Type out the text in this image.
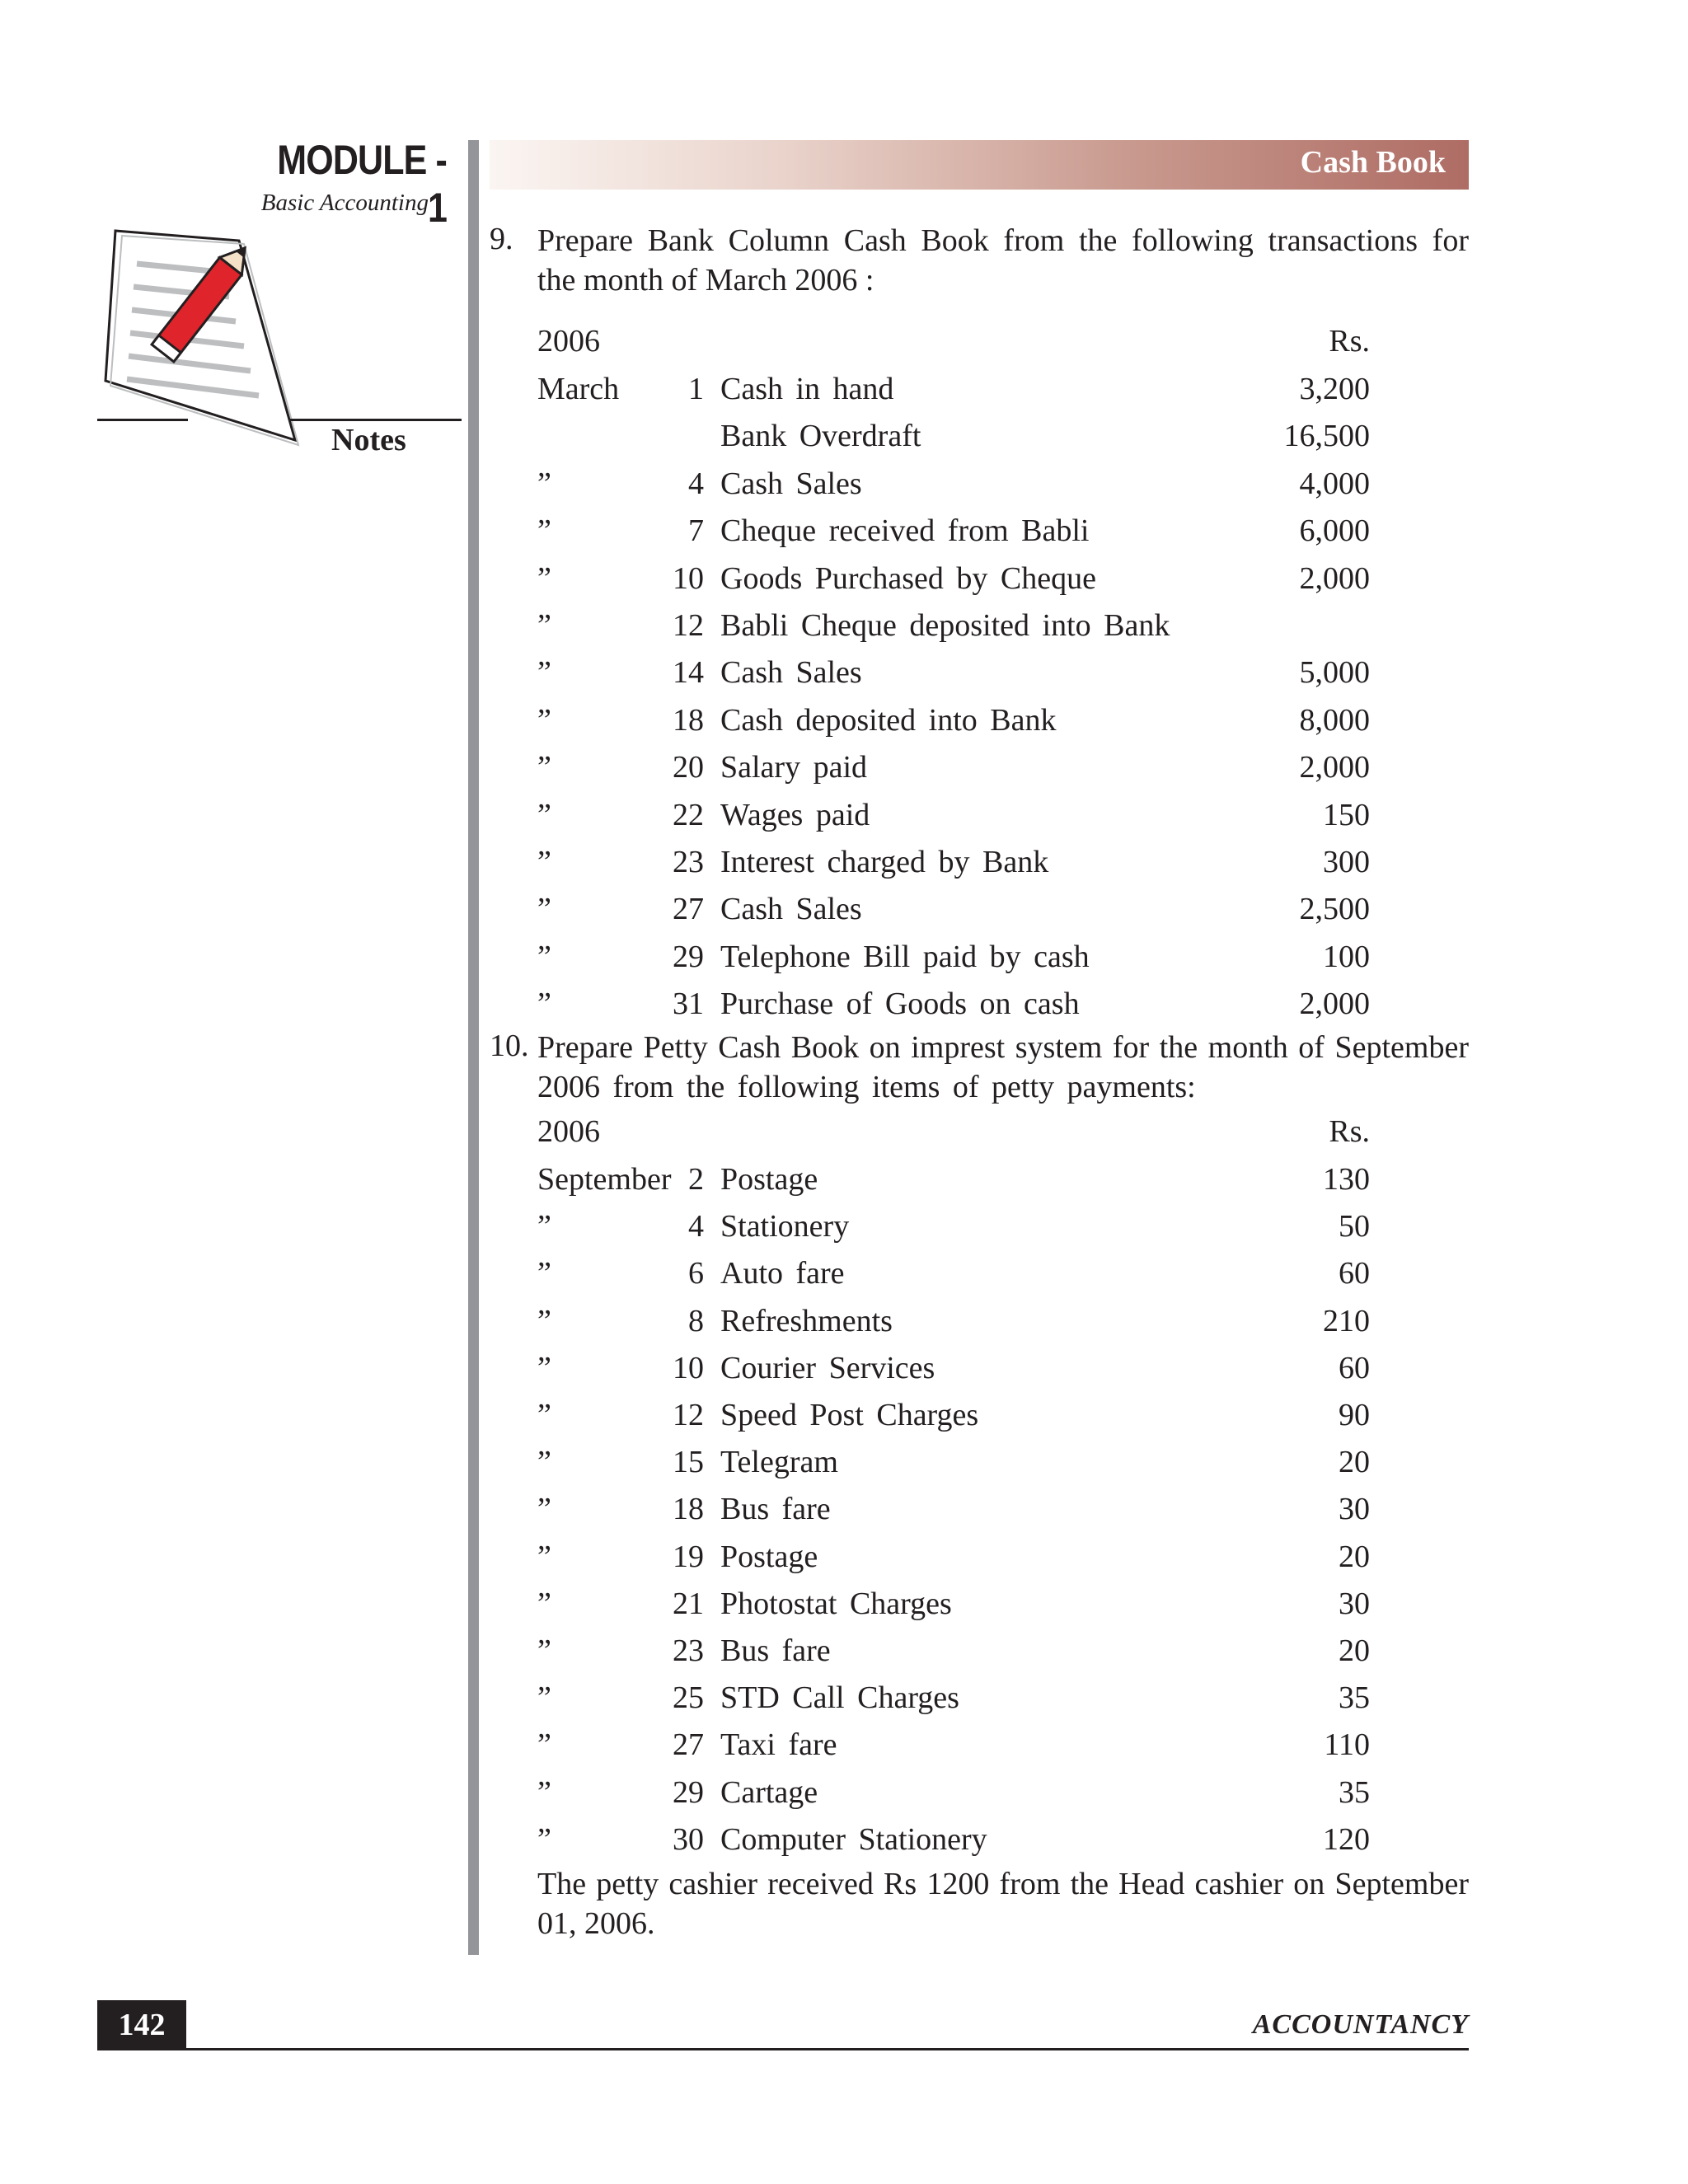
MODULE - 1
Basic Accounting
Notes
Cash Book
9. Prepare Bank Column Cash Book from the following transactions for
the month of March 2006 :
2006	Rs.
March 1 Cash in hand	3,200
Bank Overdraft	16,500
”	4 Cash Sales	4,000
”	7 Cheque received from Babli	6,000
”	10 Goods Purchased by Cheque	2,000
”	12 Babli Cheque deposited into Bank
”	14 Cash Sales	5,000
”	18 Cash deposited into Bank	8,000
”	20 Salary paid	2,000
”	22 Wages paid	150
”	23 Interest charged by Bank	300
”	27 Cash Sales	2,500
”	29 Telephone Bill paid by cash	100
”	31 Purchase of Goods on cash	2,000
10. Prepare Petty Cash Book on imprest system for the month of September
2006 from the following items of petty payments:
2006	Rs.
September 2 Postage	130
”	4 Stationery	50
”	6 Auto fare	60
”	8 Refreshments	210
”	10 Courier Services	60
”	12 Speed Post Charges	90
”	15 Telegram	20
”	18 Bus fare	30
”	19 Postage	20
”	21 Photostat Charges	30
”	23 Bus fare	20
”	25 STD Call Charges	35
”	27 Taxi fare	110
”	29 Cartage	35
”	30 Computer Stationery	120
The petty cashier received Rs 1200 from the Head cashier on September
01, 2006.
142	ACCOUNTANCY
